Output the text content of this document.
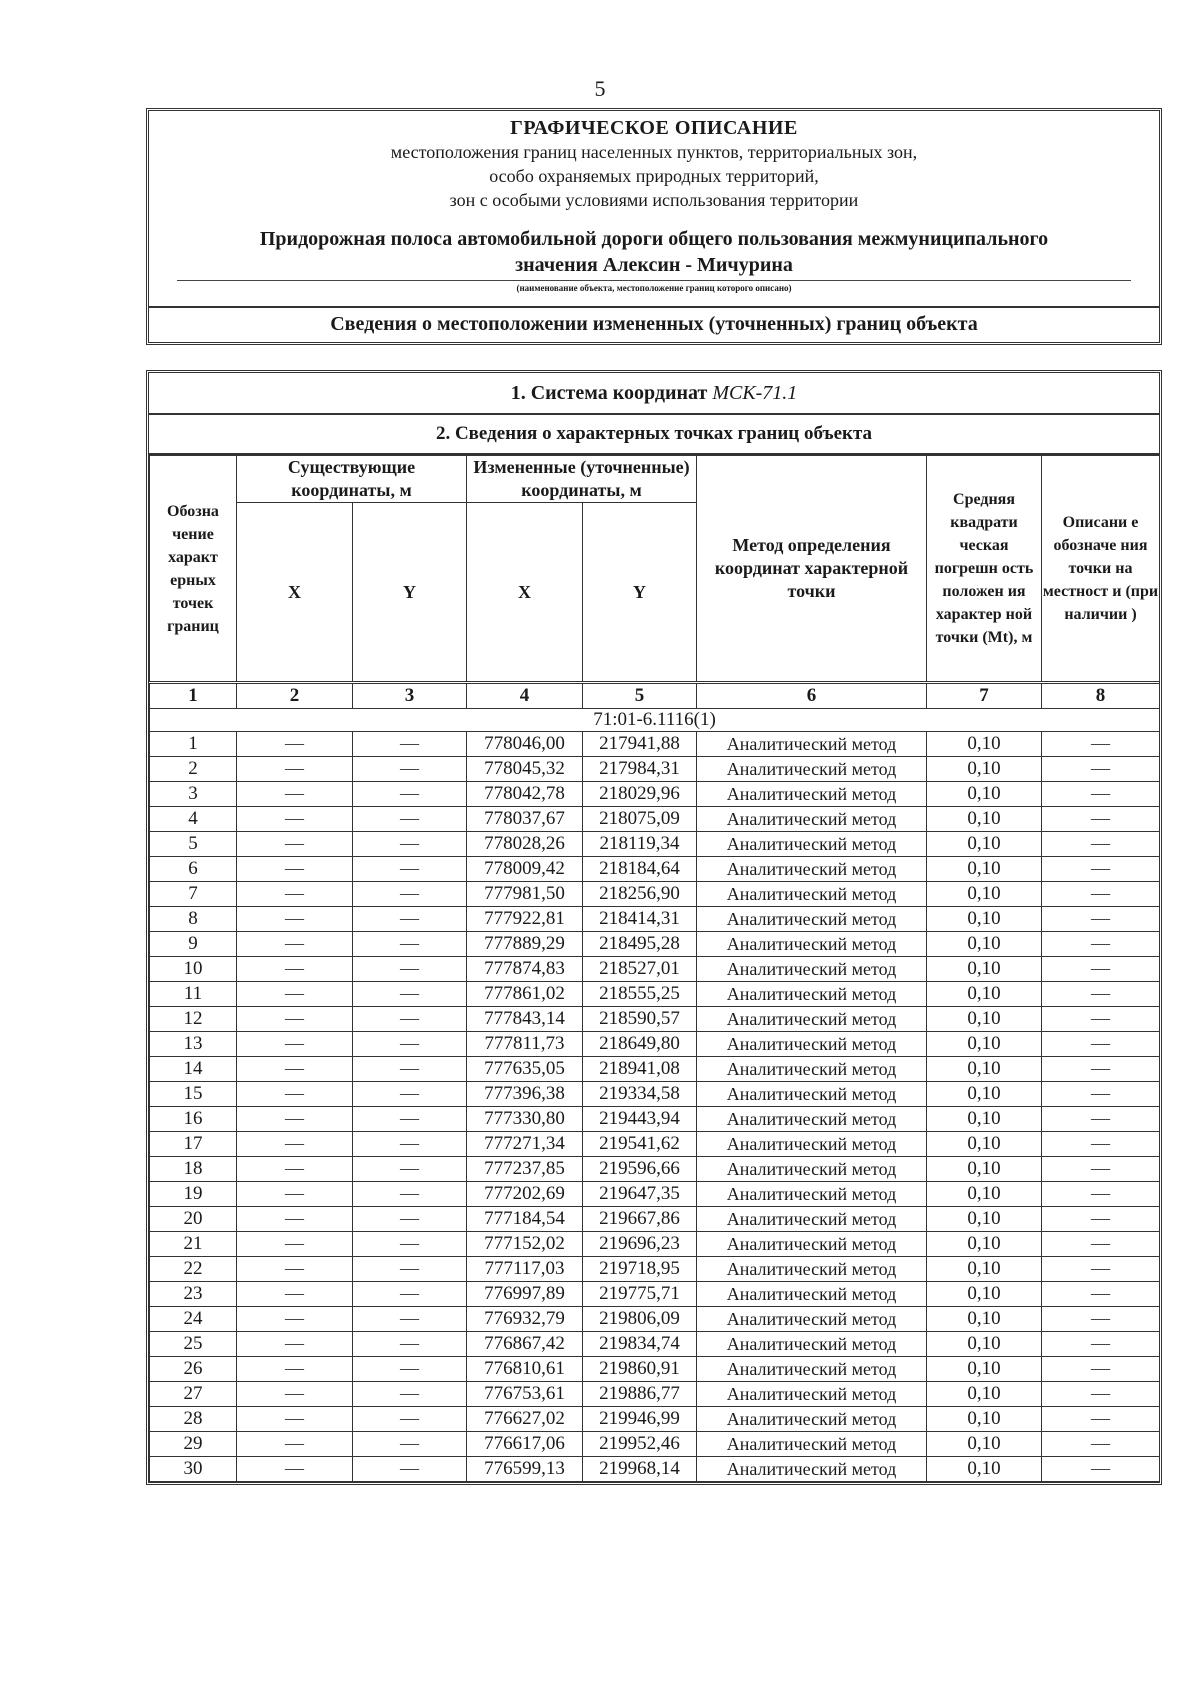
5
ГРАФИЧЕСКОЕ ОПИСАНИЕ
местоположения границ населенных пунктов, территориальных зон,
особо охраняемых природных территорий,
зон с особыми условиями использования территории
Придорожная полоса автомобильной дороги общего пользования межмуниципального
значения Алексин - Мичурина
(наименование объекта, местоположение границ которого описано)
Сведения о местоположении измененных (уточненных) границ объекта
1. Система координат МСК-71.1
2. Сведения о характерных точках границ объекта
Обозна чение характ ерных точек границ	Существующие координаты, м		Измененные (уточненные) координаты, м		Метод определения координат характерной точки	Средняя квадрати ческая погрешн ость положен ия характер ной точки (Mt), м	Описани е обозначе ния точки на местност и (при наличии )
	X	Y	X	Y			
1	2	3	4	5	6	7	8
71:01-6.1116(1)							
1	—	—	778046,00	217941,88	Аналитический метод	0,10	—
2	—	—	778045,32	217984,31	Аналитический метод	0,10	—
3	—	—	778042,78	218029,96	Аналитический метод	0,10	—
4	—	—	778037,67	218075,09	Аналитический метод	0,10	—
5	—	—	778028,26	218119,34	Аналитический метод	0,10	—
6	—	—	778009,42	218184,64	Аналитический метод	0,10	—
7	—	—	777981,50	218256,90	Аналитический метод	0,10	—
8	—	—	777922,81	218414,31	Аналитический метод	0,10	—
9	—	—	777889,29	218495,28	Аналитический метод	0,10	—
10	—	—	777874,83	218527,01	Аналитический метод	0,10	—
11	—	—	777861,02	218555,25	Аналитический метод	0,10	—
12	—	—	777843,14	218590,57	Аналитический метод	0,10	—
13	—	—	777811,73	218649,80	Аналитический метод	0,10	—
14	—	—	777635,05	218941,08	Аналитический метод	0,10	—
15	—	—	777396,38	219334,58	Аналитический метод	0,10	—
16	—	—	777330,80	219443,94	Аналитический метод	0,10	—
17	—	—	777271,34	219541,62	Аналитический метод	0,10	—
18	—	—	777237,85	219596,66	Аналитический метод	0,10	—
19	—	—	777202,69	219647,35	Аналитический метод	0,10	—
20	—	—	777184,54	219667,86	Аналитический метод	0,10	—
21	—	—	777152,02	219696,23	Аналитический метод	0,10	—
22	—	—	777117,03	219718,95	Аналитический метод	0,10	—
23	—	—	776997,89	219775,71	Аналитический метод	0,10	—
24	—	—	776932,79	219806,09	Аналитический метод	0,10	—
25	—	—	776867,42	219834,74	Аналитический метод	0,10	—
26	—	—	776810,61	219860,91	Аналитический метод	0,10	—
27	—	—	776753,61	219886,77	Аналитический метод	0,10	—
28	—	—	776627,02	219946,99	Аналитический метод	0,10	—
29	—	—	776617,06	219952,46	Аналитический метод	0,10	—
30	—	—	776599,13	219968,14	Аналитический метод	0,10	—
